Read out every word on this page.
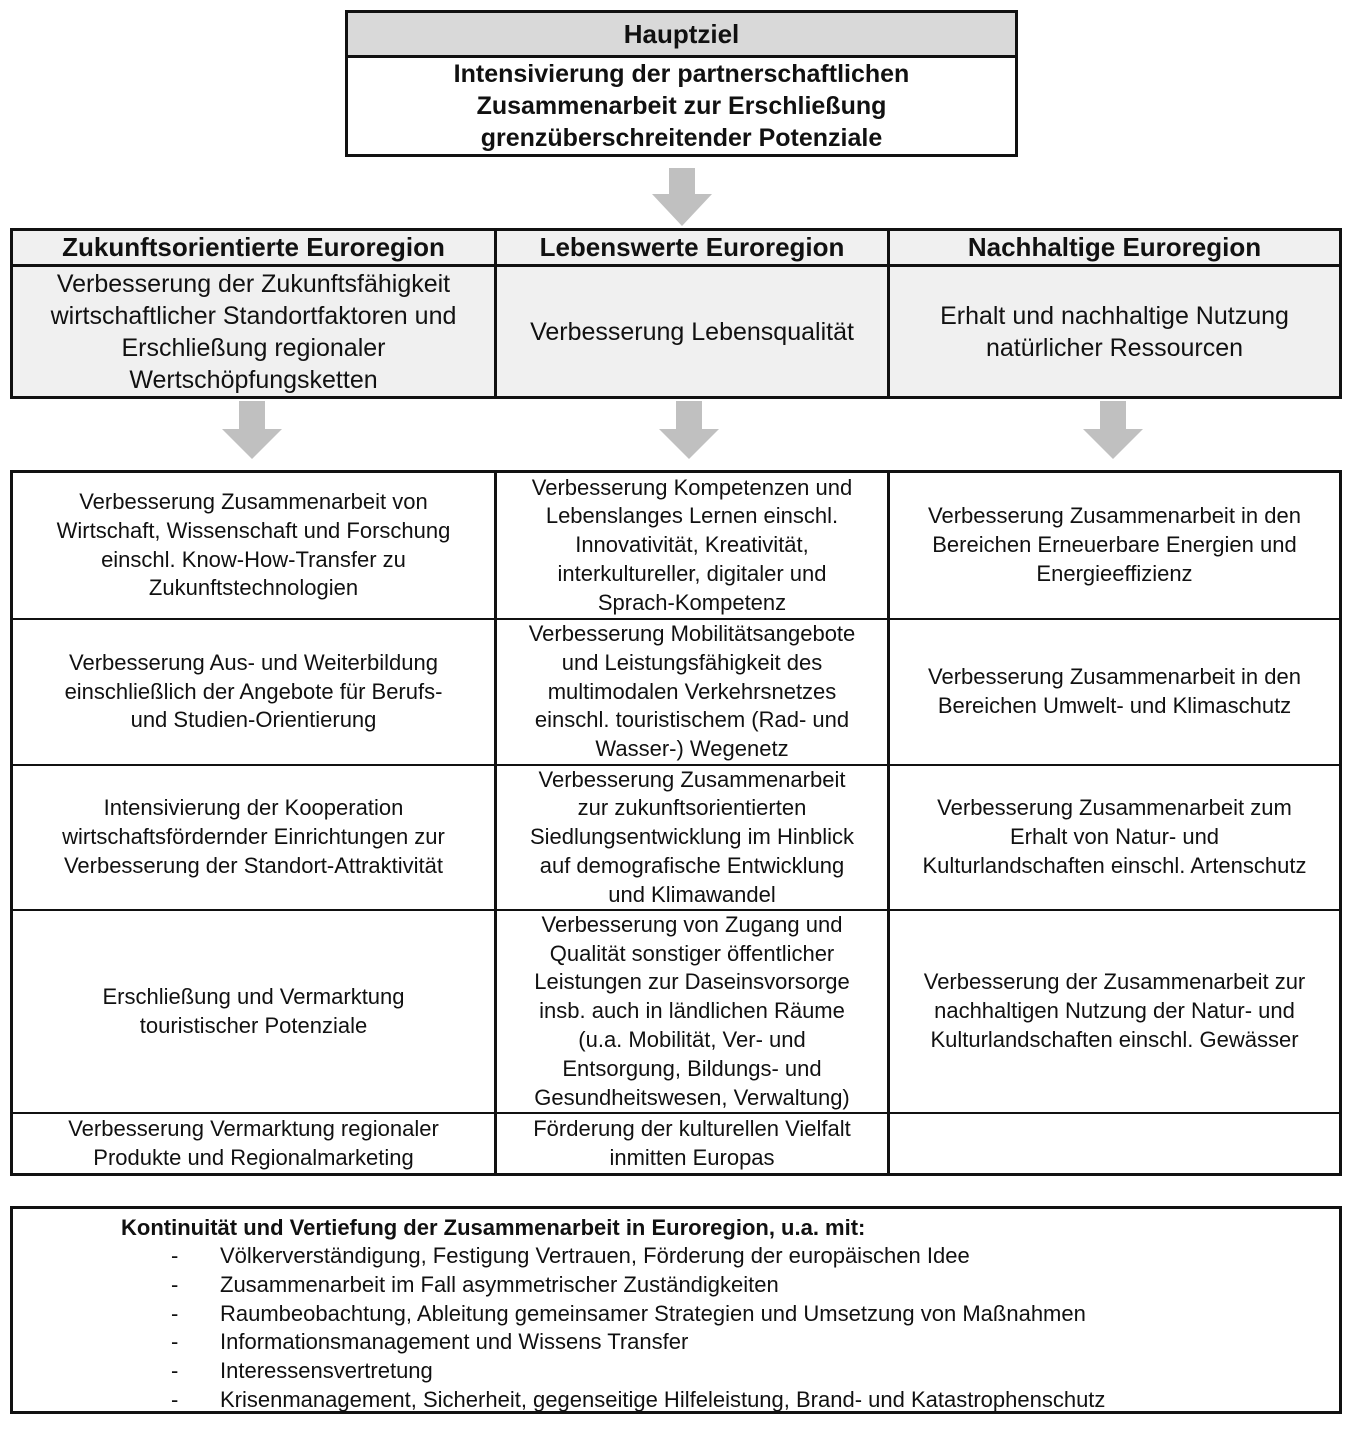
Hauptziel
Intensivierung der partnerschaftlichen
Zusammenarbeit zur Erschließung
grenzüberschreitender Potenziale
Zukunftsorientierte Euroregion
Verbesserung der Zukunftsfähigkeit
wirtschaftlicher Standortfaktoren und
Erschließung regionaler
Wertschöpfungsketten
Lebenswerte Euroregion
Verbesserung Lebensqualität
Nachhaltige Euroregion
Erhalt und nachhaltige Nutzung
natürlicher Ressourcen
Verbesserung Zusammenarbeit von
Wirtschaft, Wissenschaft und Forschung
einschl. Know-How-Transfer zu
Zukunftstechnologien
Verbesserung Kompetenzen und
Lebenslanges Lernen einschl.
Innovativität, Kreativität,
interkultureller, digitaler und
Sprach-Kompetenz
Verbesserung Zusammenarbeit in den
Bereichen Erneuerbare Energien und
Energieeffizienz
Verbesserung Aus- und Weiterbildung
einschließlich der Angebote für Berufs-
und Studien-Orientierung
Verbesserung Mobilitätsangebote
und Leistungsfähigkeit des
multimodalen Verkehrsnetzes
einschl. touristischem (Rad- und
Wasser-) Wegenetz
Verbesserung Zusammenarbeit in den
Bereichen Umwelt- und Klimaschutz
Intensivierung der Kooperation
wirtschaftsfördernder Einrichtungen zur
Verbesserung der Standort-Attraktivität
Verbesserung Zusammenarbeit
zur zukunftsorientierten
Siedlungsentwicklung im Hinblick
auf demografische Entwicklung
und Klimawandel
Verbesserung Zusammenarbeit zum
Erhalt von Natur- und
Kulturlandschaften einschl. Artenschutz
Erschließung und Vermarktung
touristischer Potenziale
Verbesserung von Zugang und
Qualität sonstiger öffentlicher
Leistungen zur Daseinsvorsorge
insb. auch in ländlichen Räume
(u.a. Mobilität, Ver- und
Entsorgung, Bildungs- und
Gesundheitswesen, Verwaltung)
Verbesserung der Zusammenarbeit zur
nachhaltigen Nutzung der Natur- und
Kulturlandschaften einschl. Gewässer
Verbesserung Vermarktung regionaler
Produkte und Regionalmarketing
Förderung der kulturellen Vielfalt
inmitten Europas
Kontinuität und Vertiefung der Zusammenarbeit in Euroregion, u.a. mit:
- Völkerverständigung, Festigung Vertrauen, Förderung der europäischen Idee
- Zusammenarbeit im Fall asymmetrischer Zuständigkeiten
- Raumbeobachtung, Ableitung gemeinsamer Strategien und Umsetzung von Maßnahmen
- Informationsmanagement und Wissens Transfer
- Interessensvertretung
- Krisenmanagement, Sicherheit, gegenseitige Hilfeleistung, Brand- und Katastrophenschutz
